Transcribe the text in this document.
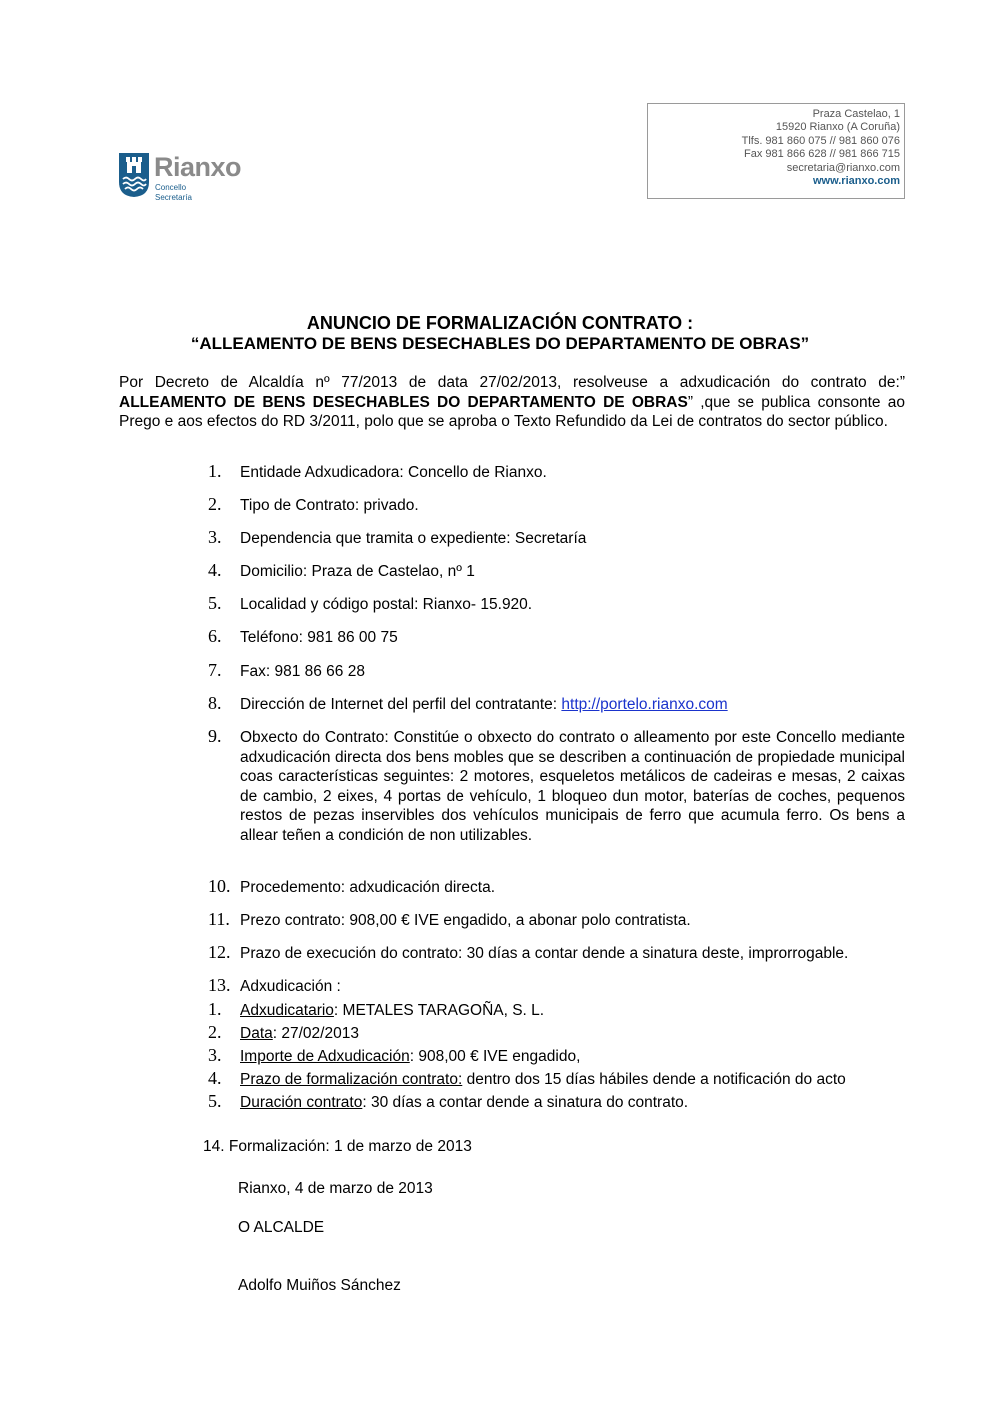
Praza Castelao, 1
15920 Rianxo (A Coruña)
Tlfs. 981 860 075 // 981 860 076
Fax 981 866 628 // 981 866 715
secretaria@rianxo.com
www.rianxo.com
Rianxo
Concello
Secretaría
ANUNCIO DE FORMALIZACIÓN CONTRATO :
“ALLEAMENTO DE BENS DESECHABLES DO DEPARTAMENTO DE OBRAS”
Por Decreto de Alcaldía nº 77/2013 de data 27/02/2013, resolveuse a adxudicación do contrato de:” ALLEAMENTO DE BENS DESECHABLES DO DEPARTAMENTO DE OBRAS” ,que se publica consonte ao Prego e aos efectos do RD 3/2011, polo que se aproba o Texto Refundido da Lei de contratos do sector público.
1. Entidade Adxudicadora: Concello de Rianxo.
2. Tipo de Contrato: privado.
3. Dependencia que tramita o expediente: Secretaría
4. Domicilio: Praza de Castelao, nº 1
5. Localidad y código postal: Rianxo- 15.920.
6. Teléfono: 981 86 00 75
7. Fax: 981 86 66 28
8. Dirección de Internet del perfil del contratante: http://portelo.rianxo.com
9. Obxecto do Contrato: Constitúe o obxecto do contrato o alleamento por este Concello mediante adxudicación directa dos bens mobles que se describen a continuación de propiedade municipal coas características seguintes: 2 motores, esqueletos metálicos de cadeiras e mesas, 2 caixas de cambio, 2 eixes, 4 portas de vehículo, 1 bloqueo dun motor, baterías de coches, pequenos restos de pezas inservibles dos vehículos municipais de ferro que acumula ferro. Os bens a allear teñen a condición de non utilizables.
10. Procedemento: adxudicación directa.
11. Prezo contrato: 908,00 € IVE engadido, a abonar polo contratista.
12. Prazo de execución do contrato: 30 días a contar dende a sinatura deste, improrrogable.
13. Adxudicación :
1. Adxudicatario: METALES TARAGOÑA, S. L.
2. Data: 27/02/2013
3. Importe de Adxudicación: 908,00 € IVE engadido,
4. Prazo de formalización contrato: dentro dos 15 días hábiles dende a notificación do acto
5. Duración contrato: 30 días a contar dende a sinatura do contrato.
14. Formalización: 1 de marzo de 2013
Rianxo, 4 de marzo de 2013
O ALCALDE
Adolfo Muiños Sánchez
